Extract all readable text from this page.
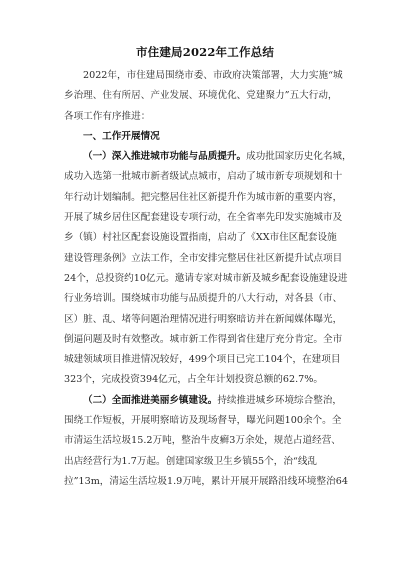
市住建局2022年工作总结
2022年，市住建局围绕市委、市政府决策部署，大力实施“城
乡治理、住有所居、产业发展、环境优化、党建聚力”五大行动，
各项工作有序推进：
一、工作开展情况
（一）深入推进城市功能与品质提升。成功批国家历史化名城，
成功入选第一批城市新者级试点城市，启动了城市新专项规划和十
年行动计划编制。把完整居住社区新提升作为城市新的重要内容，
开展了城乡居住区配套建设专项行动，在全省率先印发实施城市及
乡（镇）村社区配套设施设置指南，启动了《XX市住区配套设施
建设管理条例》立法工作，全市安排完整居住社区新提升试点项目
24个，总投资约10亿元。邀请专家对城市新及城乡配套设施建设进
行业务培训。围绕城市功能与品质提升的八大行动，对各县（市、
区）脏、乱、堵等问题治理情况进行明察暗访并在新闻媒体曝光，
倒逼问题及时有效整改。城市新工作得到省住建厅充分肯定。全市
城建领域项目推进情况较好，499个项目已完工104个，在建项目
323个，完成投资394亿元，占全年计划投资总额的62.7%。
（二）全面推进美丽乡镇建设。持续推进城乡环境综合整治，
围绕工作短板，开展明察暗访及现场督导，曝光问题100余个。全
市清运生活垃圾15.2万吨，整治牛皮癣3万余处，规范占道经营、
出店经营行为1.7万起。创建国家级卫生乡镇55个，治“线乱
拉”13m，清运生活垃圾1.9万吨，累计开展开展路沿线环境整治64
